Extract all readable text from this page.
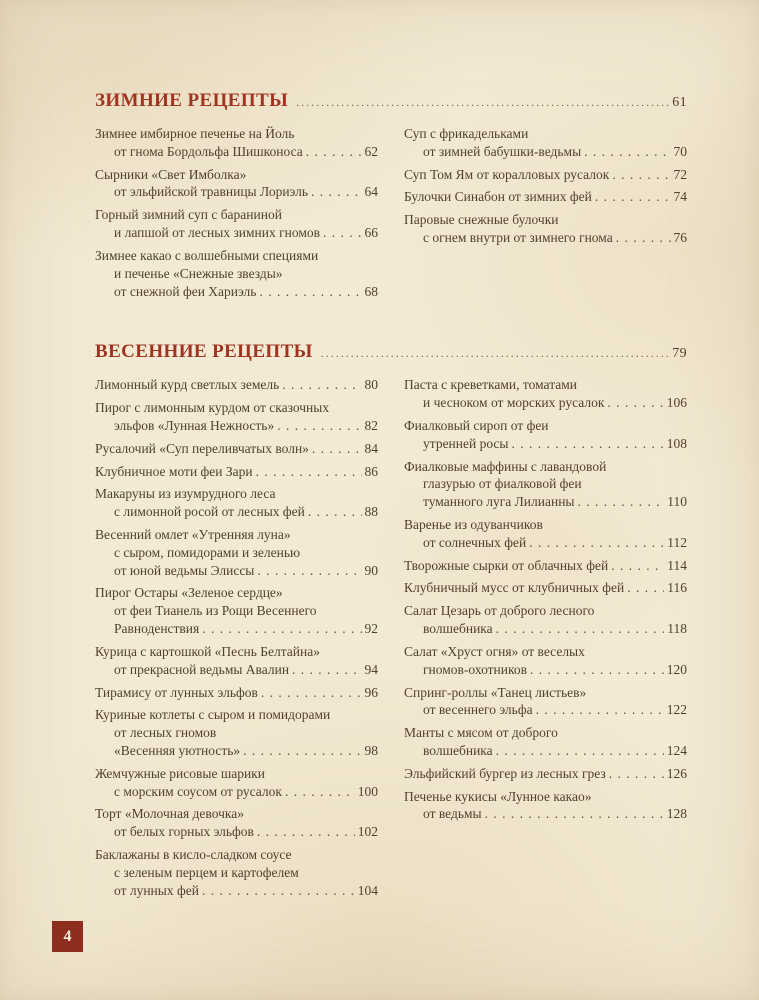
ЗИМНИЕ РЕЦЕПТЫ .....	61
Зимнее имбирное печенье на Йоль
от гнома Бордольфа Шишконоса . . .	62
Сырники «Свет Имболка»
от эльфийской травницы Лориэль . . .	64
Горный зимний суп с бараниной
и лапшой от лесных зимних гномов . . .	66
Зимнее какао с волшебными специями
и печенье «Снежные звезды»
от снежной феи Хариэль . . .	68
Суп с фрикадельками
от зимней бабушки-ведьмы . . .	70
Суп Том Ям от коралловых русалок . . .	72
Булочки Синабон от зимних фей . . .	74
Паровые снежные булочки
с огнем внутри от зимнего гнома . . .	76
ВЕСЕННИЕ РЕЦЕПТЫ .....	79
Лимонный курд светлых земель . . .	80
Пирог с лимонным курдом от сказочных
эльфов «Лунная Нежность» . . .	82
Русалочий «Суп переливчатых волн» . . .	84
Клубничное моти феи Зари . . .	86
Макаруны из изумрудного леса
с лимонной росой от лесных фей . . .	88
Весенний омлет «Утренняя луна»
с сыром, помидорами и зеленью
от юной ведьмы Элиссы . . .	90
Пирог Остары «Зеленое сердце»
от феи Тианель из Рощи Весеннего
Равноденствия . . .	92
Курица с картошкой «Песнь Белтайна»
от прекрасной ведьмы Авалин . . .	94
Тирамису от лунных эльфов . . .	96
Куриные котлеты с сыром и помидорами
от лесных гномов
«Весенняя уютность» . . .	98
Жемчужные рисовые шарики
с морским соусом от русалок . . .	100
Торт «Молочная девочка»
от белых горных эльфов . . .	102
Баклажаны в кисло-сладком соусе
с зеленым перцем и картофелем
от лунных фей . . .	104
Паста с креветками, томатами
и чесноком от морских русалок . . .	106
Фиалковый сироп от феи
утренней росы . . .	108
Фиалковые маффины с лавандовой
глазурью от фиалковой феи
туманного луга Лилианны . . .	110
Варенье из одуванчиков
от солнечных фей . . .	112
Творожные сырки от облачных фей . . .	114
Клубничный мусс от клубничных фей . . .	116
Салат Цезарь от доброго лесного
волшебника . . .	118
Салат «Хруст огня» от веселых
гномов-охотников . . .	120
Спринг-роллы «Танец листьев»
от весеннего эльфа . . .	122
Манты с мясом от доброго
волшебника . . .	124
Эльфийский бургер из лесных грез . . .	126
Печенье кукисы «Лунное какао»
от ведьмы . . .	128
4
